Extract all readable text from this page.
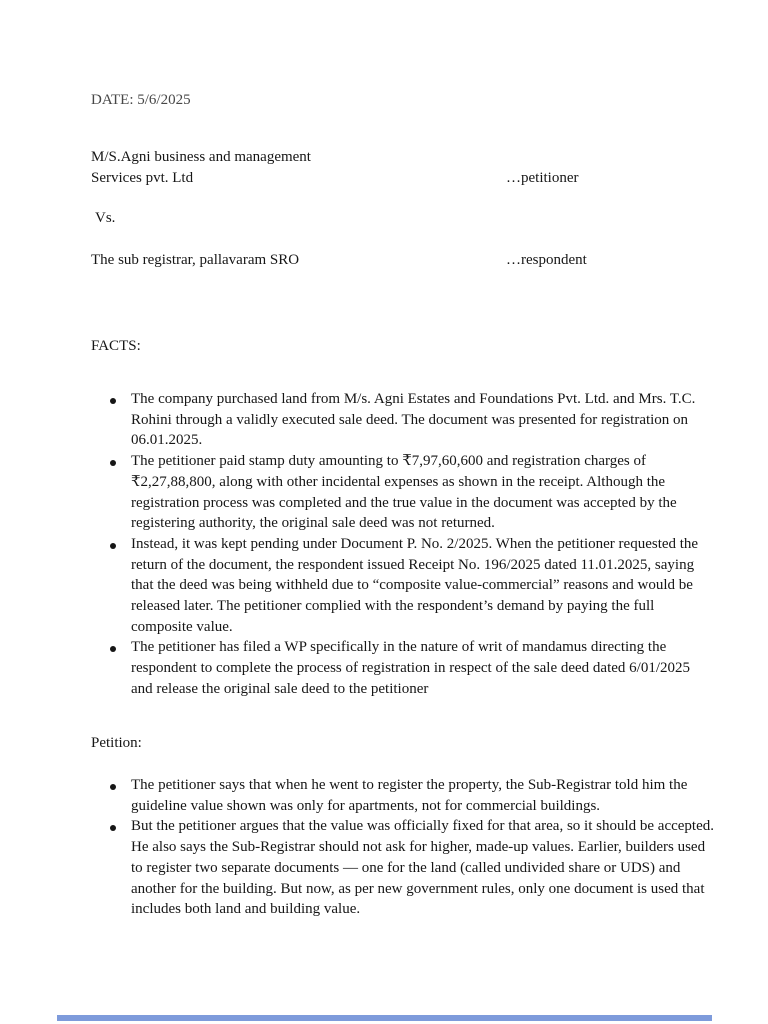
DATE: 5/6/2025
M/S.Agni business and management
Services pvt. Ltd	…petitioner
Vs.
The sub registrar, pallavaram SRO	…respondent
FACTS:
The company purchased land from M/s. Agni Estates and Foundations Pvt. Ltd. and Mrs. T.C. Rohini through a validly executed sale deed. The document was presented for registration on 06.01.2025.
The petitioner paid stamp duty amounting to ₹7,97,60,600 and registration charges of ₹2,27,88,800, along with other incidental expenses as shown in the receipt. Although the registration process was completed and the true value in the document was accepted by the registering authority, the original sale deed was not returned.
Instead, it was kept pending under Document P. No. 2/2025. When the petitioner requested the return of the document, the respondent issued Receipt No. 196/2025 dated 11.01.2025, saying that the deed was being withheld due to “composite value-commercial” reasons and would be released later. The petitioner complied with the respondent’s demand by paying the full composite value.
The petitioner has filed a WP specifically in the nature of writ of mandamus directing the respondent to complete the process of registration in respect of the sale deed dated 6/01/2025 and release the original sale deed to the petitioner
Petition:
The petitioner says that when he went to register the property, the Sub-Registrar told him the guideline value shown was only for apartments, not for commercial buildings.
But the petitioner argues that the value was officially fixed for that area, so it should be accepted. He also says the Sub-Registrar should not ask for higher, made-up values. Earlier, builders used to register two separate documents — one for the land (called undivided share or UDS) and another for the building. But now, as per new government rules, only one document is used that includes both land and building value.
